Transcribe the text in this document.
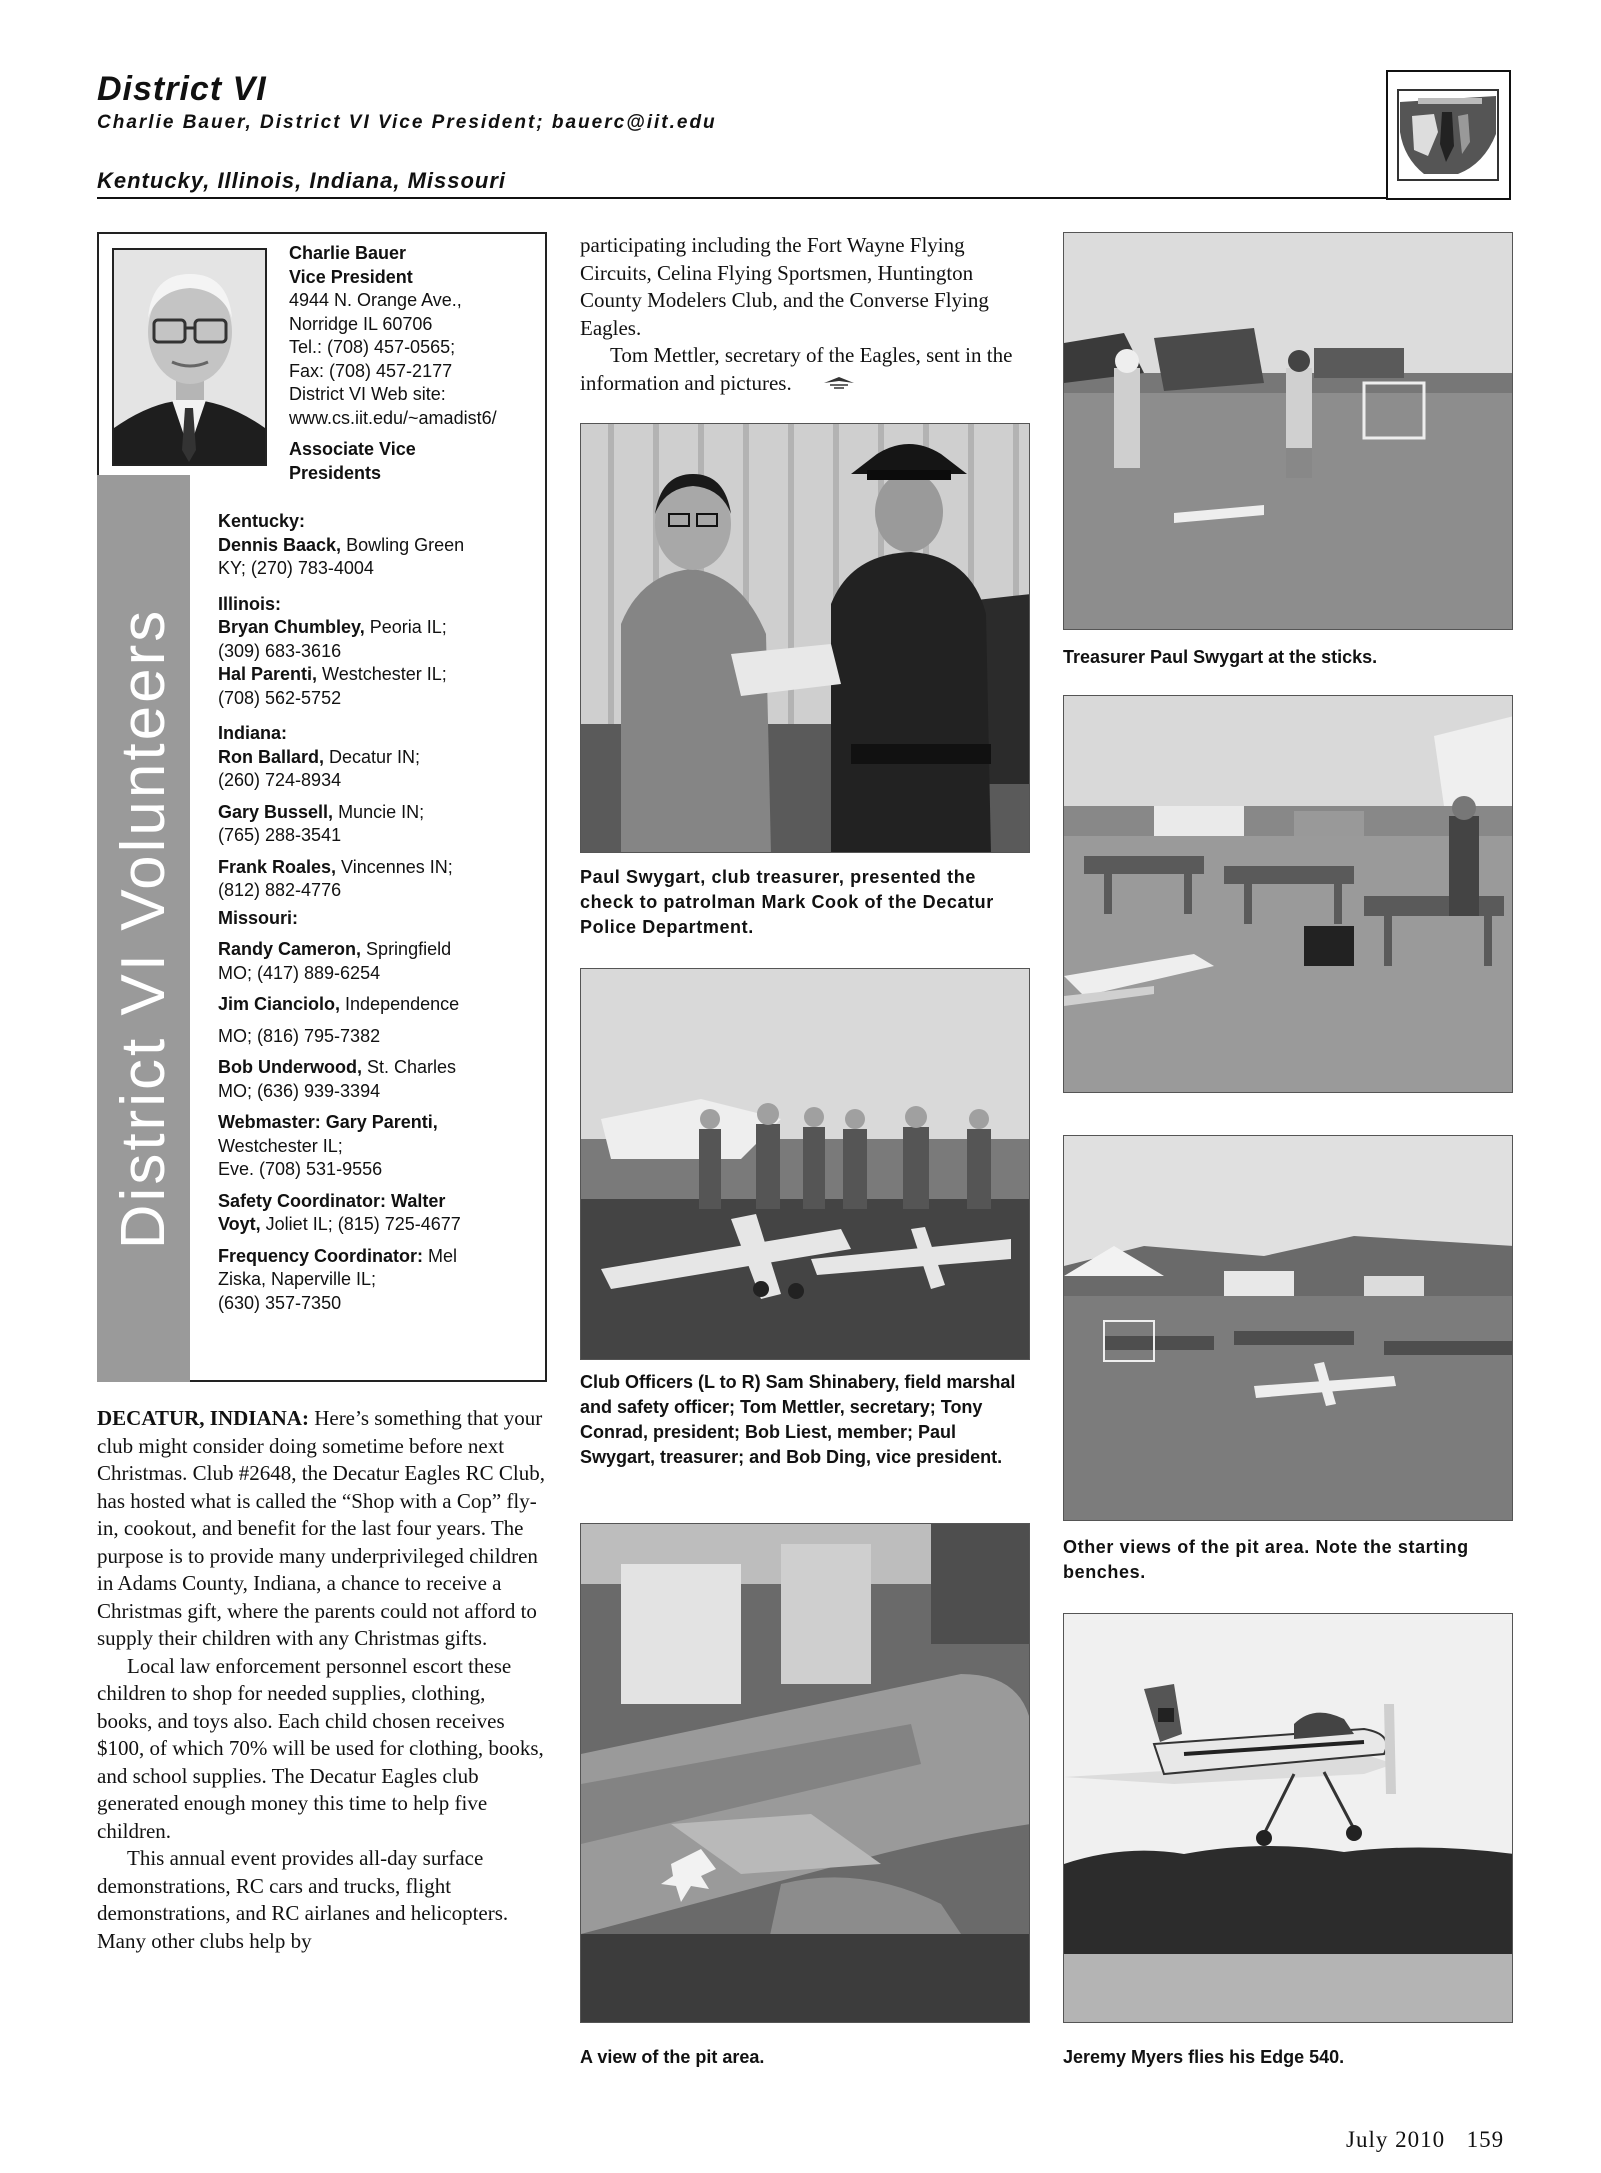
District VI
Charlie Bauer, District VI Vice President; bauerc@iit.edu
Kentucky, Illinois, Indiana, Missouri
District VI Volunteers
Charlie Bauer
Vice President
4944 N. Orange Ave.,
Norridge IL 60706
Tel.: (708) 457-0565;
Fax: (708) 457-2177
District VI Web site:
www.cs.iit.edu/~amadist6/
Associate Vice
Presidents
Kentucky:
Dennis Baack, Bowling Green
KY; (270) 783-4004
Illinois:
Bryan Chumbley, Peoria IL;
(309) 683-3616
Hal Parenti, Westchester IL;
(708) 562-5752
Indiana:
Ron Ballard, Decatur IN;
(260) 724-8934
Gary Bussell, Muncie IN;
(765) 288-3541
Frank Roales, Vincennes IN;
(812) 882-4776
Missouri:
Randy Cameron, Springfield
MO; (417) 889-6254
Jim Cianciolo, Independence
MO; (816) 795-7382
Bob Underwood, St. Charles
MO; (636) 939-3394
Webmaster: Gary Parenti,
Westchester IL;
Eve. (708) 531-9556
Safety Coordinator: Walter
Voyt, Joliet IL; (815) 725-4677
Frequency Coordinator: Mel
Ziska, Naperville IL;
(630) 357-7350

DECATUR, INDIANA: Here’s something that your club might consider doing sometime before next Christmas. Club #2648, the Decatur Eagles RC Club, has hosted what is called the “Shop with a Cop” fly-in, cookout, and benefit for the last four years. The purpose is to provide many underprivileged children in Adams County, Indiana, a chance to receive a Christmas gift, where the parents could not afford to supply their children with any Christmas gifts.

Local law enforcement personnel escort these children to shop for needed supplies, clothing, books, and toys also. Each child chosen receives $100, of which 70% will be used for clothing, books, and school supplies. The Decatur Eagles club generated enough money this time to help five children.

This annual event provides all-day surface demonstrations, RC cars and trucks, flight demonstrations, and RC airlanes and helicopters. Many other clubs help by

participating including the Fort Wayne Flying Circuits, Celina Flying Sportsmen, Huntington County Modelers Club, and the Converse Flying Eagles.

Tom Mettler, secretary of the Eagles, sent in the information and pictures.

Paul Swygart, club treasurer, presented the check to patrolman Mark Cook of the Decatur Police Department.
Club Officers (L to R) Sam Shinabery, field marshal and safety officer; Tom Mettler, secretary; Tony Conrad, president; Bob Liest, member; Paul Swygart, treasurer; and Bob Ding, vice president.
A view of the pit area.
Treasurer Paul Swygart at the sticks.
Other views of the pit area. Note the starting benches.
Jeremy Myers flies his Edge 540.
July 2010 159
